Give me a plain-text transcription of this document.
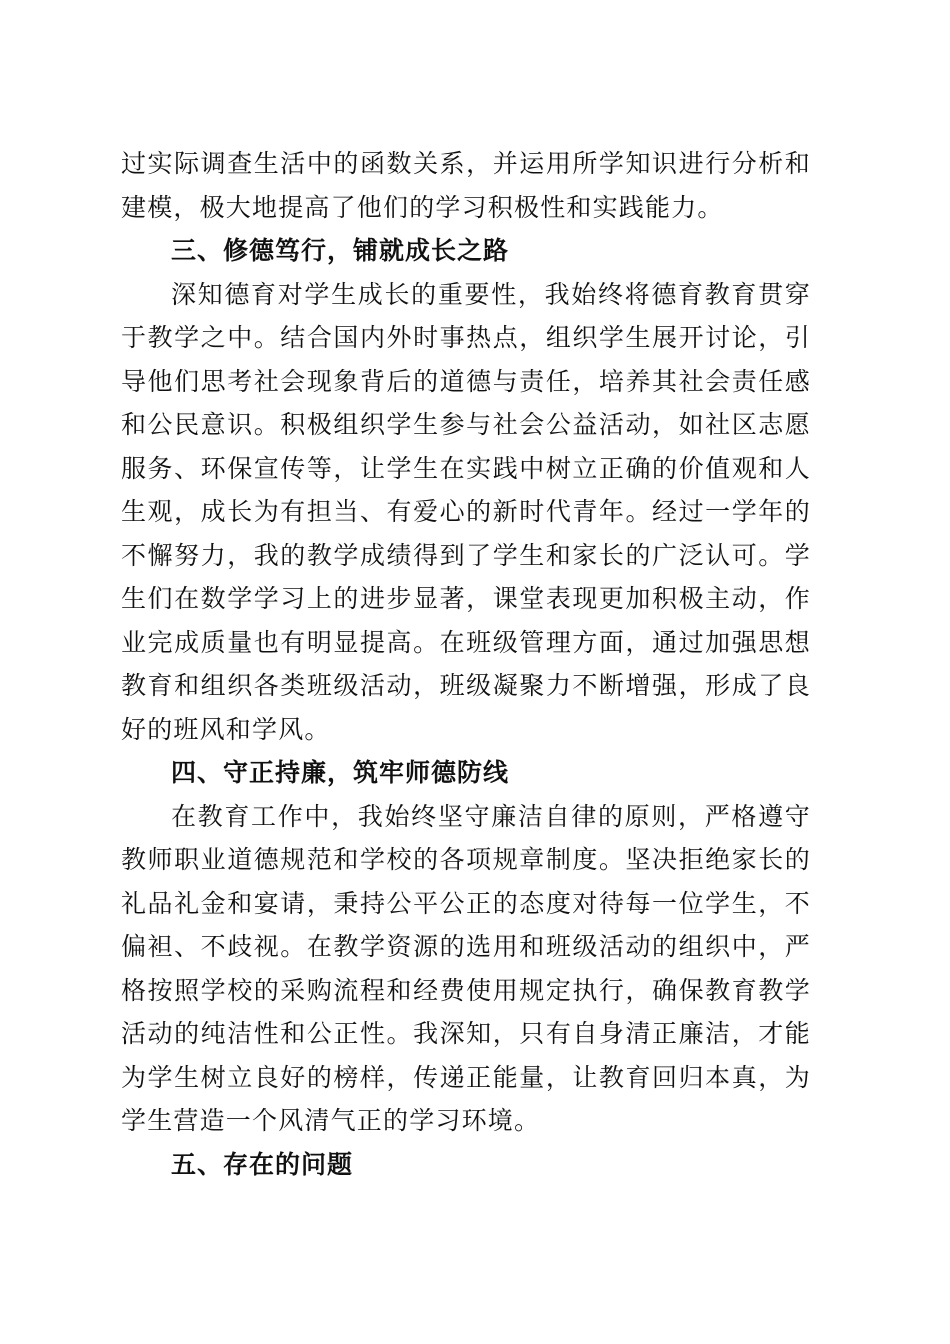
过实际调查生活中的函数关系，并运用所学知识进行分析和建模，极大地提高了他们的学习积极性和实践能力。

三、修德笃行，铺就成长之路

深知德育对学生成长的重要性，我始终将德育教育贯穿于教学之中。结合国内外时事热点，组织学生展开讨论，引导他们思考社会现象背后的道德与责任，培养其社会责任感和公民意识。积极组织学生参与社会公益活动，如社区志愿服务、环保宣传等，让学生在实践中树立正确的价值观和人生观，成长为有担当、有爱心的新时代青年。经过一学年的不懈努力，我的教学成绩得到了学生和家长的广泛认可。学生们在数学学习上的进步显著，课堂表现更加积极主动，作业完成质量也有明显提高。在班级管理方面，通过加强思想教育和组织各类班级活动，班级凝聚力不断增强，形成了良好的班风和学风。

四、守正持廉，筑牢师德防线

在教育工作中，我始终坚守廉洁自律的原则，严格遵守教师职业道德规范和学校的各项规章制度。坚决拒绝家长的礼品礼金和宴请，秉持公平公正的态度对待每一位学生，不偏袒、不歧视。在教学资源的选用和班级活动的组织中，严格按照学校的采购流程和经费使用规定执行，确保教育教学活动的纯洁性和公正性。我深知，只有自身清正廉洁，才能为学生树立良好的榜样，传递正能量，让教育回归本真，为学生营造一个风清气正的学习环境。

五、存在的问题
